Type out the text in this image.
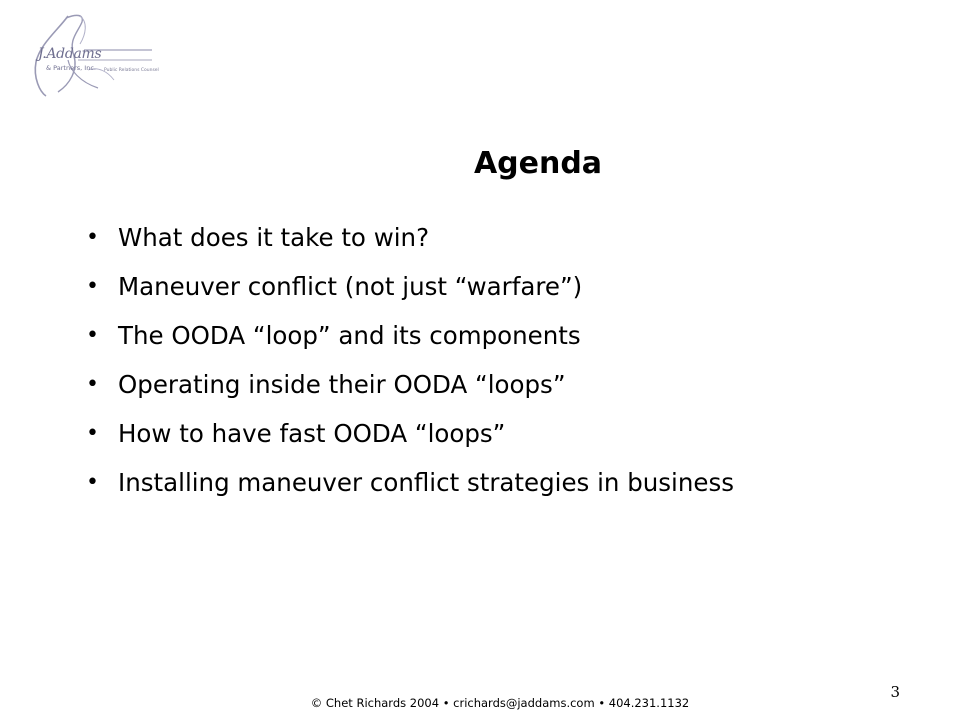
J.Addams
& Partners, Inc. Public Relations Counsel
Agenda
• What does it take to win?
• Maneuver conflict (not just “warfare”)
• The OODA “loop” and its components
• Operating inside their OODA “loops”
• How to have fast OODA “loops”
• Installing maneuver conflict strategies in business
3
© Chet Richards 2004 • crichards@jaddams.com • 404.231.1132
